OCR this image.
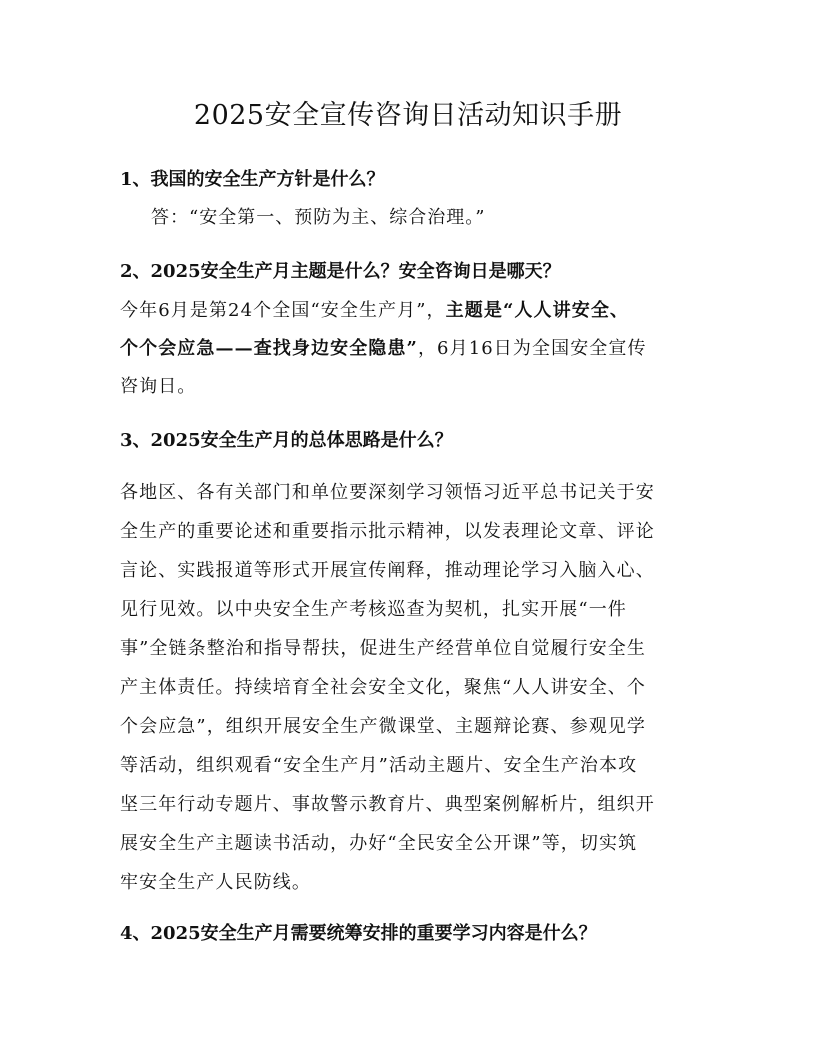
2025安全宣传咨询日活动知识手册
1、我国的安全生产方针是什么？
答：“安全第一、预防为主、综合治理。”
2、2025安全生产月主题是什么？安全咨询日是哪天？
今年6月是第24个全国“安全生产月”，主题是“人人讲安全、
个个会应急——查找身边安全隐患”，6月16日为全国安全宣传
咨询日。
3、2025安全生产月的总体思路是什么？
各地区、各有关部门和单位要深刻学习领悟习近平总书记关于安
全生产的重要论述和重要指示批示精神，以发表理论文章、评论
言论、实践报道等形式开展宣传阐释，推动理论学习入脑入心、
见行见效。以中央安全生产考核巡查为契机，扎实开展“一件
事”全链条整治和指导帮扶，促进生产经营单位自觉履行安全生
产主体责任。持续培育全社会安全文化，聚焦“人人讲安全、个
个会应急”，组织开展安全生产微课堂、主题辩论赛、参观见学
等活动，组织观看“安全生产月”活动主题片、安全生产治本攻
坚三年行动专题片、事故警示教育片、典型案例解析片，组织开
展安全生产主题读书活动，办好“全民安全公开课”等，切实筑
牢安全生产人民防线。
4、2025安全生产月需要统筹安排的重要学习内容是什么？
